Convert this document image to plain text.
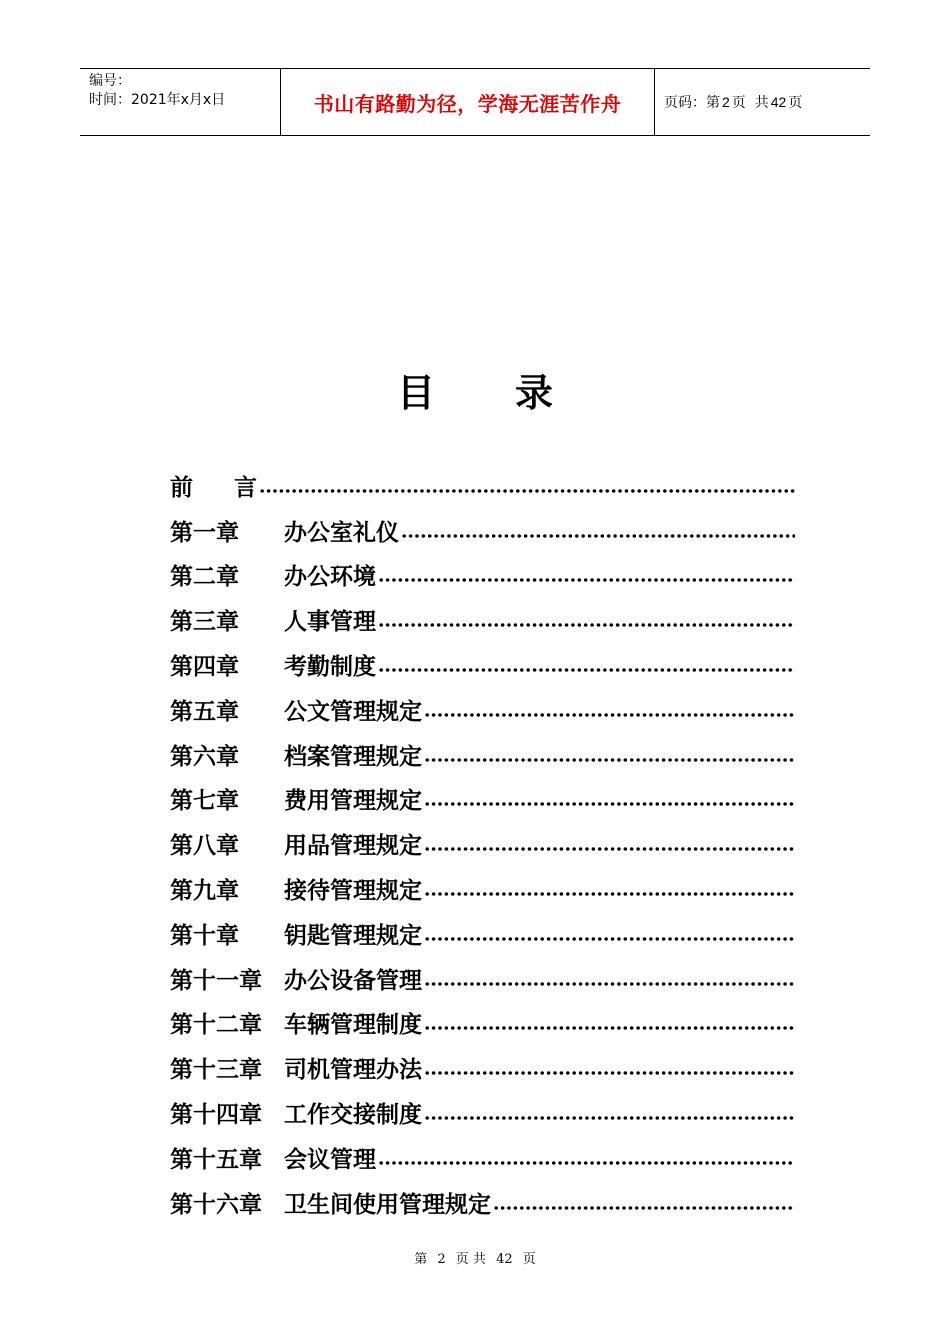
编号：
时间：2021年x月x日	书山有路勤为径，学海无涯苦作舟	页码：第 2 页  共 42 页
目 录
前	言
第一章	办公室礼仪
第二章	办公环境
第三章	人事管理
第四章	考勤制度
第五章	公文管理规定
第六章	档案管理规定
第七章	费用管理规定
第八章	用品管理规定
第九章	接待管理规定
第十章	钥匙管理规定
第十一章 办公设备管理
第十二章 车辆管理制度
第十三章 司机管理办法
第十四章 工作交接制度
第十五章 会议管理
第十六章 卫生间使用管理规定
第 2 页 共 42 页
